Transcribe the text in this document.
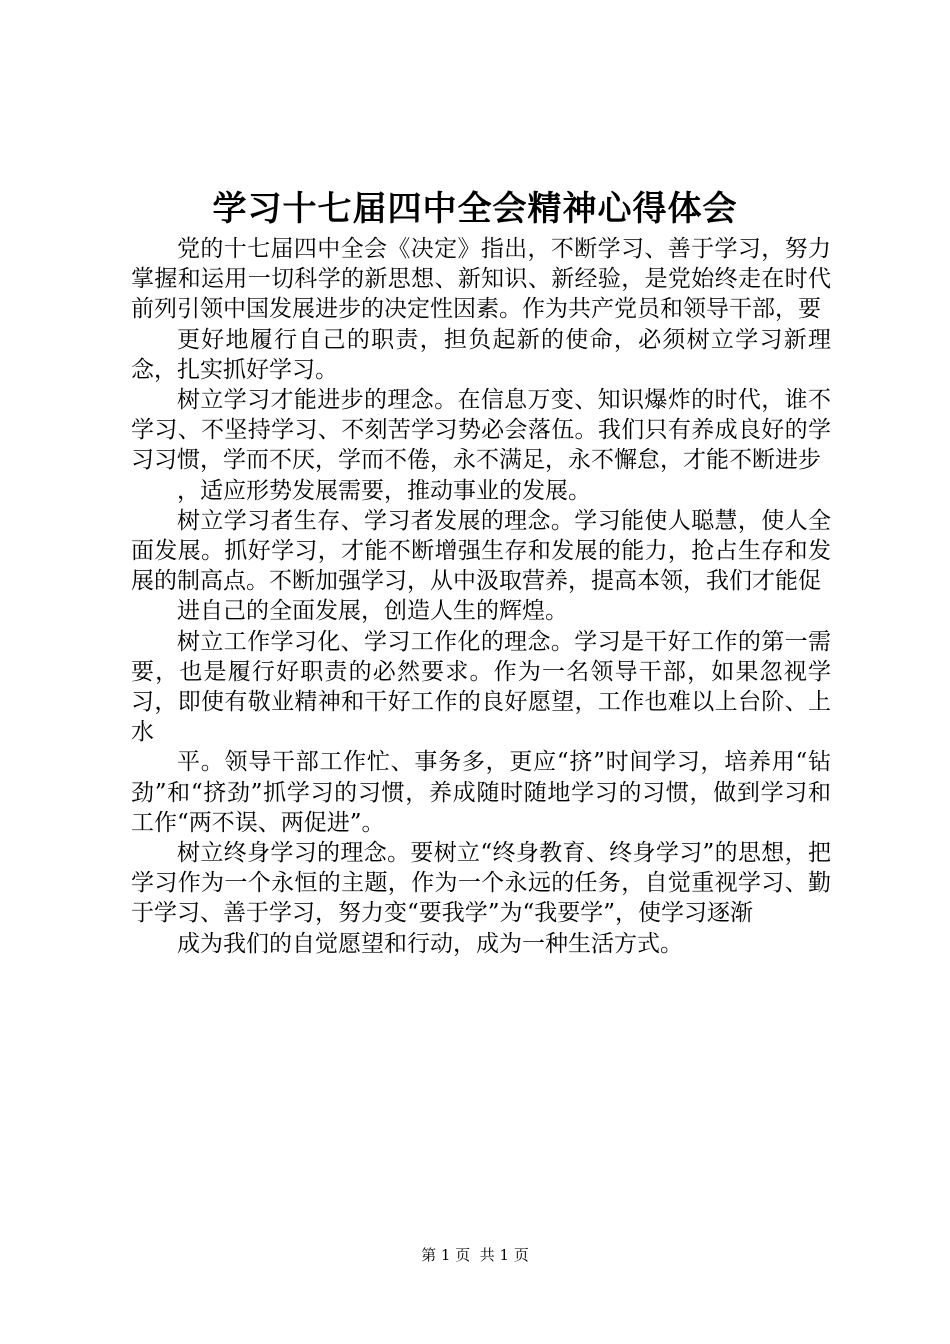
学习十七届四中全会精神心得体会

党的十七届四中全会《决定》指出，不断学习、善于学习，努力掌握和运用一切科学的新思想、新知识、新经验，是党始终走在时代前列引领中国发展进步的决定性因素。作为共产党员和领导干部，要

更好地履行自己的职责，担负起新的使命，必须树立学习新理念，扎实抓好学习。

树立学习才能进步的理念。在信息万变、知识爆炸的时代，谁不学习、不坚持学习、不刻苦学习势必会落伍。我们只有养成良好的学习习惯，学而不厌，学而不倦，永不满足，永不懈怠，才能不断进步

，适应形势发展需要，推动事业的发展。

树立学习者生存、学习者发展的理念。学习能使人聪慧，使人全面发展。抓好学习，才能不断增强生存和发展的能力，抢占生存和发展的制高点。不断加强学习，从中汲取营养，提高本领，我们才能促

进自己的全面发展，创造人生的辉煌。

树立工作学习化、学习工作化的理念。学习是干好工作的第一需要，也是履行好职责的必然要求。作为一名领导干部，如果忽视学习，即使有敬业精神和干好工作的良好愿望，工作也难以上台阶、上水

平。领导干部工作忙、事务多，更应“挤”时间学习，培养用“钻劲”和“挤劲”抓学习的习惯，养成随时随地学习的习惯，做到学习和工作“两不误、两促进”。

树立终身学习的理念。要树立“终身教育、终身学习”的思想，把学习作为一个永恒的主题，作为一个永远的任务，自觉重视学习、勤于学习、善于学习，努力变“要我学”为“我要学”，使学习逐渐

成为我们的自觉愿望和行动，成为一种生活方式。

第 1 页  共 1 页
